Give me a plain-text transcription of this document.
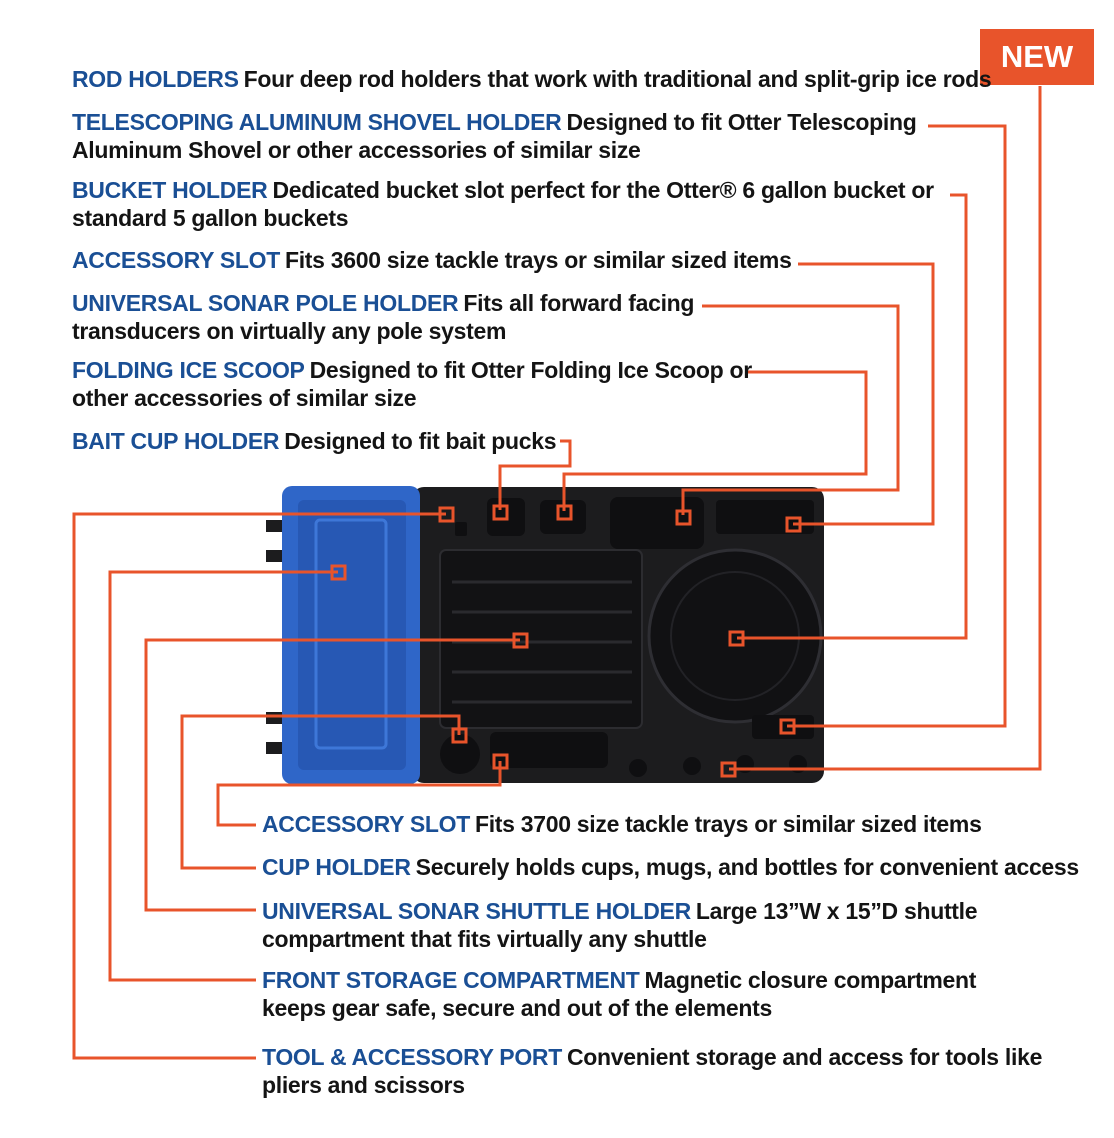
NEW
ROD HOLDERS Four deep rod holders that work with traditional and split-grip ice rods
TELESCOPING ALUMINUM SHOVEL HOLDER Designed to fit Otter Telescoping
Aluminum Shovel or other accessories of similar size
BUCKET HOLDER Dedicated bucket slot perfect for the Otter® 6 gallon bucket or
standard 5 gallon buckets
ACCESSORY SLOT Fits 3600 size tackle trays or similar sized items
UNIVERSAL SONAR POLE HOLDER Fits all forward facing
transducers on virtually any pole system
FOLDING ICE SCOOP Designed to fit Otter Folding Ice Scoop or
other accessories of similar size
BAIT CUP HOLDER Designed to fit bait pucks
ACCESSORY SLOT Fits 3700 size tackle trays or similar sized items
CUP HOLDER Securely holds cups, mugs, and bottles for convenient access
UNIVERSAL SONAR SHUTTLE HOLDER Large 13”W x 15”D shuttle
compartment that fits virtually any shuttle
FRONT STORAGE COMPARTMENT Magnetic closure compartment
keeps gear safe, secure and out of the elements
TOOL & ACCESSORY PORT Convenient storage and access for tools like
pliers and scissors
